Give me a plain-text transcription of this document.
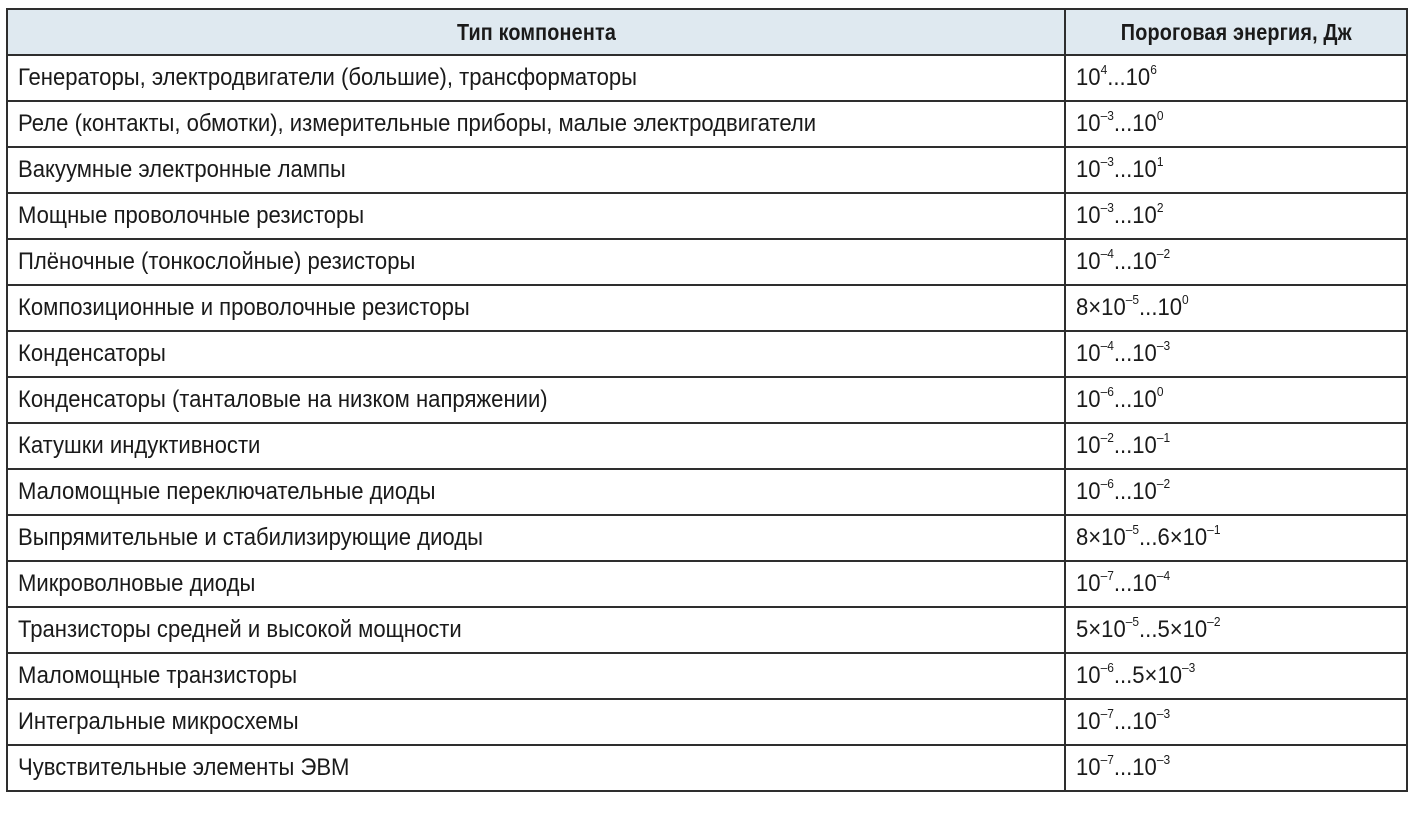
Тип компонента	Пороговая энергия, Дж
Генераторы, электродвигатели (большие), трансформаторы	$10^4...10^6$
Реле (контакты, обмотки), измерительные приборы, малые электродвигатели	$10^{-3}...10^0$
Вакуумные электронные лампы	$10^{-3}...10^1$
Мощные проволочные резисторы	$10^{-3}...10^2$
Плёночные (тонкослойные) резисторы	$10^{-4}...10^{-2}$
Композиционные и проволочные резисторы	$8\times 10^{-5}...10^0$
Конденсаторы	$10^{-4}...10^{-3}$
Конденсаторы (танталовые на низком напряжении)	$10^{-6}...10^0$
Катушки индуктивности	$10^{-2}...10^{-1}$
Маломощные переключательные диоды	$10^{-6}...10^{-2}$
Выпрямительные и стабилизирующие диоды	$8\times 10^{-5}...6\times 10^{-1}$
Микроволновые диоды	$10^{-7}...10^{-4}$
Транзисторы средней и высокой мощности	$5\times 10^{-5}...5\times 10^{-2}$
Маломощные транзисторы	$10^{-6}...5\times 10^{-3}$
Интегральные микросхемы	$10^{-7}...10^{-3}$
Чувствительные элементы ЭВМ	$10^{-7}...10^{-3}$
